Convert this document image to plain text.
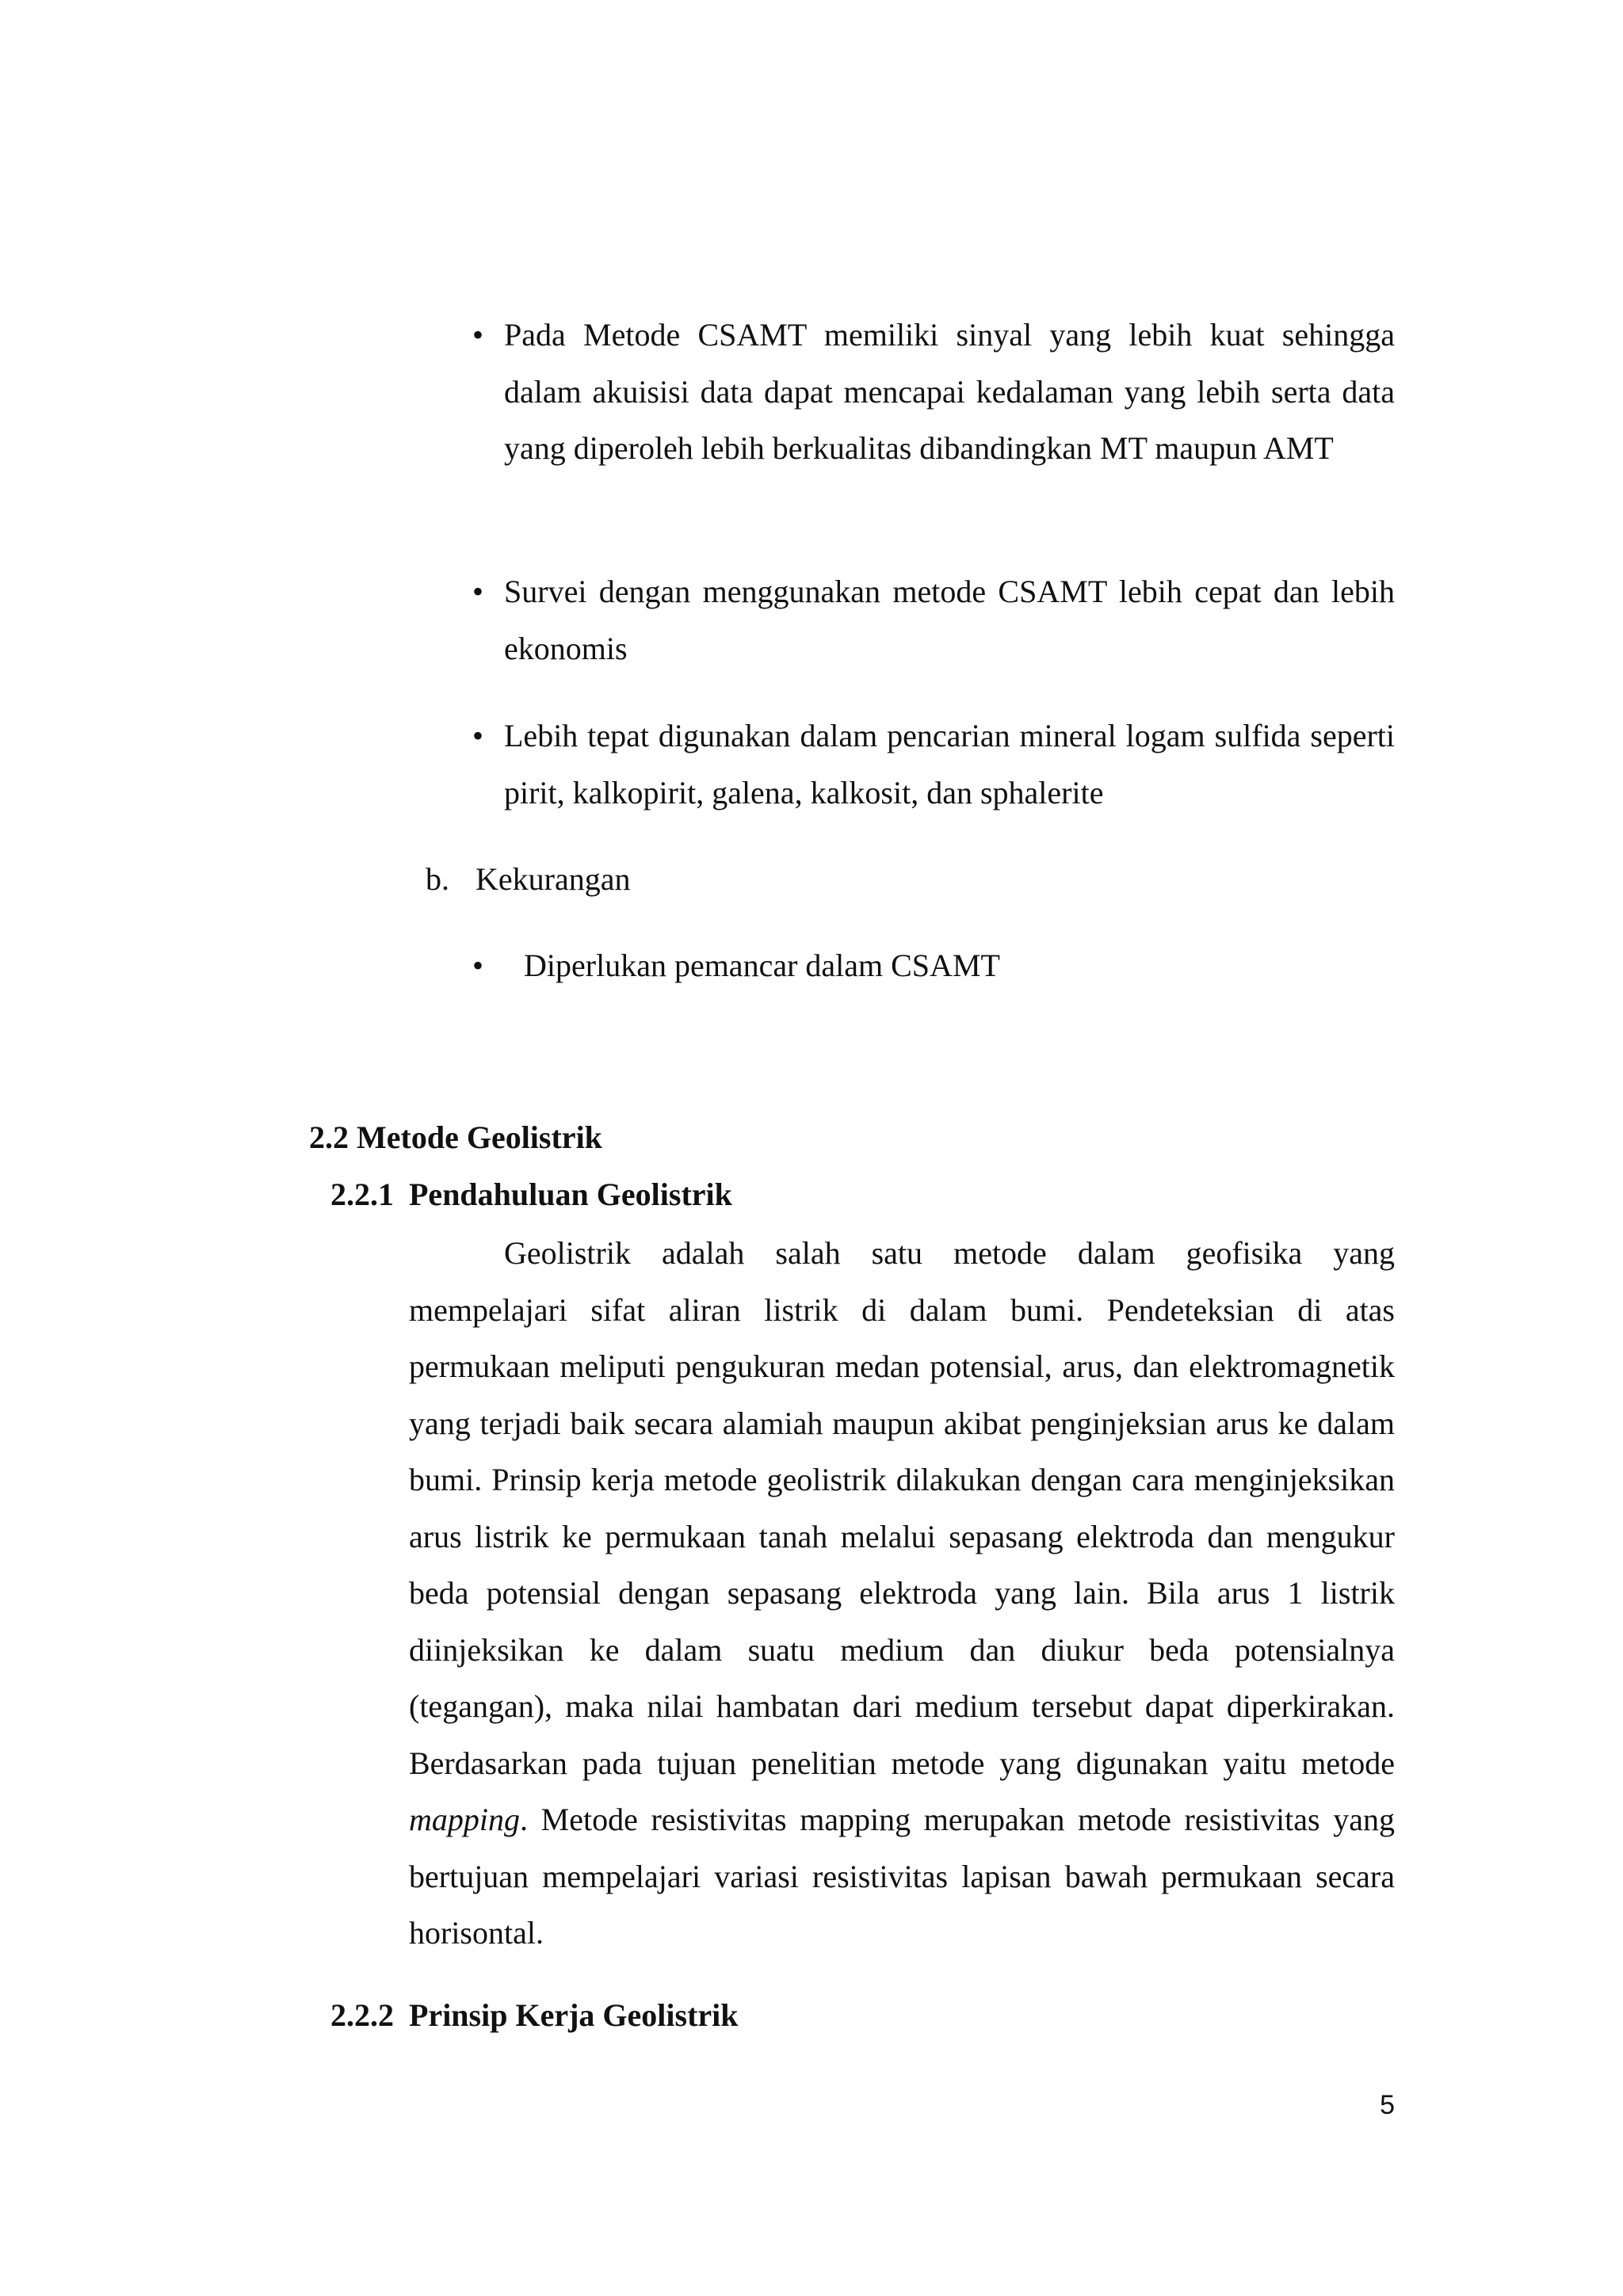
• Pada Metode CSAMT memiliki sinyal yang lebih kuat sehingga dalam akuisisi data dapat mencapai kedalaman yang lebih serta data yang diperoleh lebih berkualitas dibandingkan MT maupun AMT

• Survei dengan menggunakan metode CSAMT lebih cepat dan lebih ekonomis

• Lebih tepat digunakan dalam pencarian mineral logam sulfida seperti pirit, kalkopirit, galena, kalkosit, dan sphalerite

b. Kekurangan
• Diperlukan pemancar dalam CSAMT
2.2 Metode Geolistrik
2.2.1 Pendahuluan Geolistrik

Geolistrik adalah salah satu metode dalam geofisika yang mempelajari sifat aliran listrik di dalam bumi. Pendeteksian di atas permukaan meliputi pengukuran medan potensial, arus, dan elektromagnetik yang terjadi baik secara alamiah maupun akibat penginjeksian arus ke dalam bumi. Prinsip kerja metode geolistrik dilakukan dengan cara menginjeksikan arus listrik ke permukaan tanah melalui sepasang elektroda dan mengukur beda potensial dengan sepasang elektroda yang lain. Bila arus 1 listrik diinjeksikan ke dalam suatu medium dan diukur beda potensialnya (tegangan), maka nilai hambatan dari medium tersebut dapat diperkirakan. Berdasarkan pada tujuan penelitian metode yang digunakan yaitu metode mapping. Metode resistivitas mapping merupakan metode resistivitas yang bertujuan mempelajari variasi resistivitas lapisan bawah permukaan secara horisontal.

2.2.2 Prinsip Kerja Geolistrik
5
